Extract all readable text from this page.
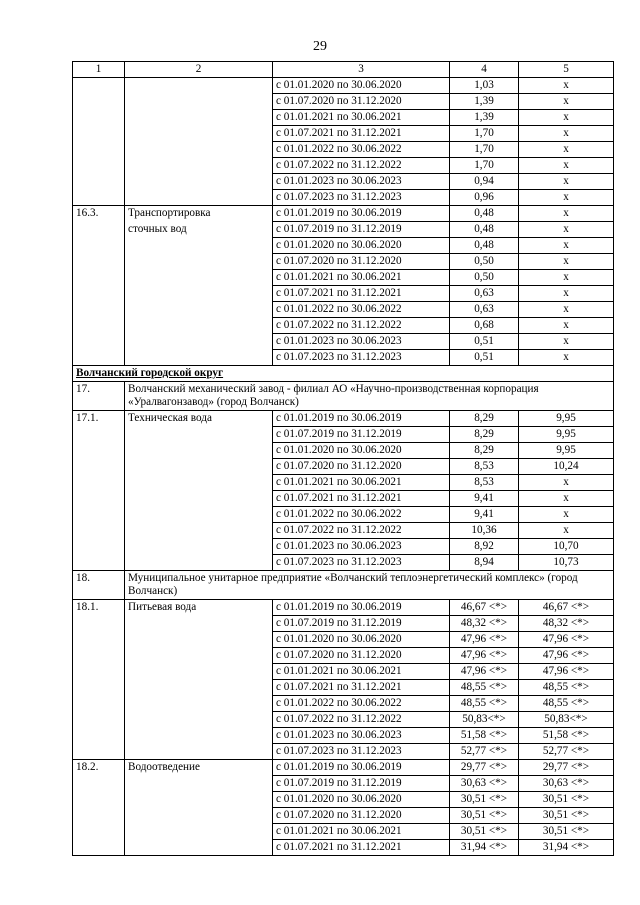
29
1	2	3	4	5
		с 01.01.2020 по 30.06.2020	1,03	х
		с 01.07.2020 по 31.12.2020	1,39	х
		с 01.01.2021 по 30.06.2021	1,39	х
		с 01.07.2021 по 31.12.2021	1,70	х
		с 01.01.2022 по 30.06.2022	1,70	х
		с 01.07.2022 по 31.12.2022	1,70	х
		с 01.01.2023 по 30.06.2023	0,94	х
		с 01.07.2023 по 31.12.2023	0,96	х
16.3.	Транспортировка	с 01.01.2019 по 30.06.2019	0,48	х
	сточных вод	с 01.07.2019 по 31.12.2019	0,48	х
		с 01.01.2020 по 30.06.2020	0,48	х
		с 01.07.2020 по 31.12.2020	0,50	х
		с 01.01.2021 по 30.06.2021	0,50	х
		с 01.07.2021 по 31.12.2021	0,63	х
		с 01.01.2022 по 30.06.2022	0,63	х
		с 01.07.2022 по 31.12.2022	0,68	х
		с 01.01.2023 по 30.06.2023	0,51	х
		с 01.07.2023 по 31.12.2023	0,51	х
Волчанский городской округ				
17.	Волчанский механический завод - филиал АО «Научно-производственная корпорация «Уралвагонзавод» (город Волчанск)			
17.1.	Техническая вода	с 01.01.2019 по 30.06.2019	8,29	9,95
		с 01.07.2019 по 31.12.2019	8,29	9,95
		с 01.01.2020 по 30.06.2020	8,29	9,95
		с 01.07.2020 по 31.12.2020	8,53	10,24
		с 01.01.2021 по 30.06.2021	8,53	х
		с 01.07.2021 по 31.12.2021	9,41	х
		с 01.01.2022 по 30.06.2022	9,41	х
		с 01.07.2022 по 31.12.2022	10,36	х
		с 01.01.2023 по 30.06.2023	8,92	10,70
		с 01.07.2023 по 31.12.2023	8,94	10,73
18.	Муниципальное унитарное предприятие «Волчанский теплоэнергетический комплекс» (город Волчанск)			
18.1.	Питьевая вода	с 01.01.2019 по 30.06.2019	46,67 <*>	46,67 <*>
		с 01.07.2019 по 31.12.2019	48,32 <*>	48,32 <*>
		с 01.01.2020 по 30.06.2020	47,96 <*>	47,96 <*>
		с 01.07.2020 по 31.12.2020	47,96 <*>	47,96 <*>
		с 01.01.2021 по 30.06.2021	47,96 <*>	47,96 <*>
		с 01.07.2021 по 31.12.2021	48,55 <*>	48,55 <*>
		с 01.01.2022 по 30.06.2022	48,55 <*>	48,55 <*>
		с 01.07.2022 по 31.12.2022	50,83<*>	50,83<*>
		с 01.01.2023 по 30.06.2023	51,58 <*>	51,58 <*>
		с 01.07.2023 по 31.12.2023	52,77 <*>	52,77 <*>
18.2.	Водоотведение	с 01.01.2019 по 30.06.2019	29,77 <*>	29,77 <*>
		с 01.07.2019 по 31.12.2019	30,63 <*>	30,63 <*>
		с 01.01.2020 по 30.06.2020	30,51 <*>	30,51 <*>
		с 01.07.2020 по 31.12.2020	30,51 <*>	30,51 <*>
		с 01.01.2021 по 30.06.2021	30,51 <*>	30,51 <*>
		с 01.07.2021 по 31.12.2021	31,94 <*>	31,94 <*>
